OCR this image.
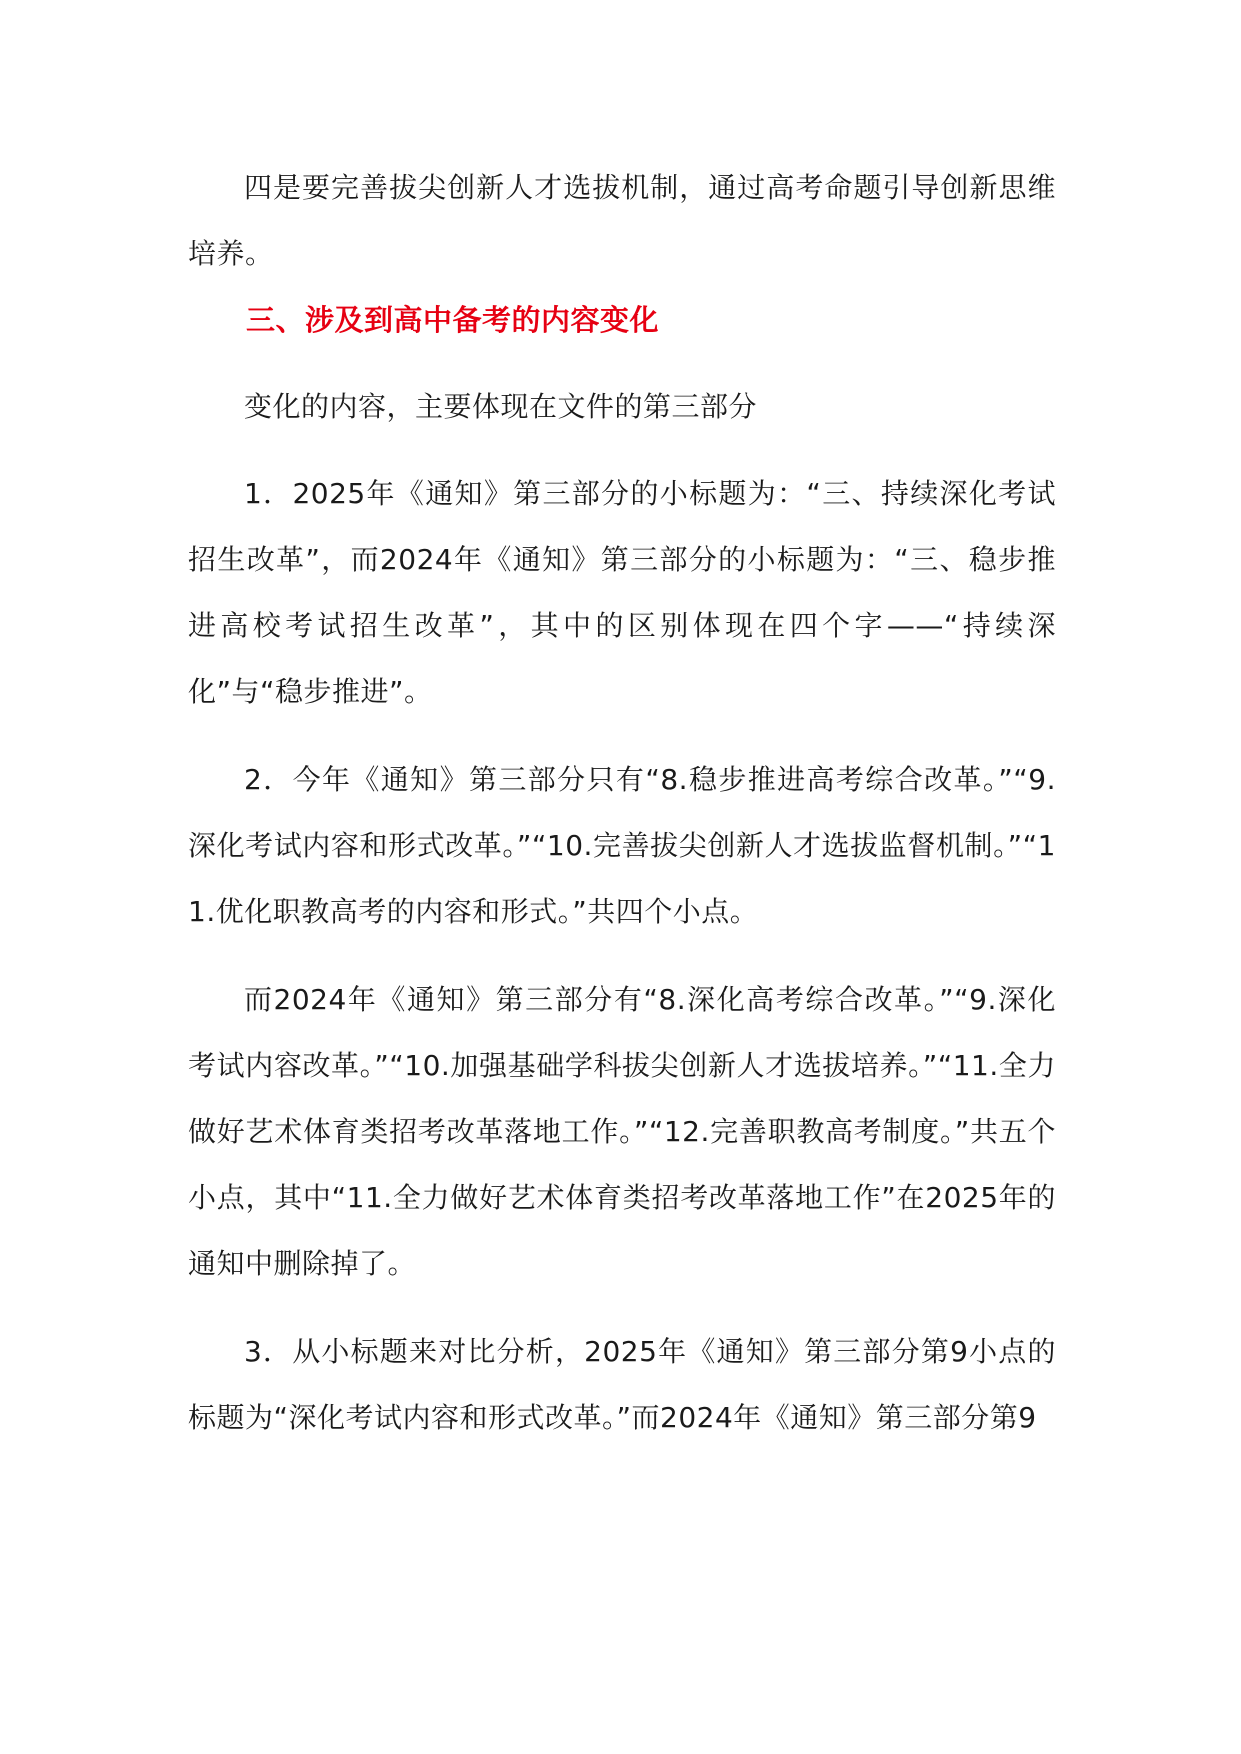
四是要完善拔尖创新人才选拔机制，通过高考命题引导创新思维培养。

三、涉及到高中备考的内容变化

变化的内容，主要体现在文件的第三部分

1．2025年《通知》第三部分的小标题为：“三、持续深化考试招生改革”，而2024年《通知》第三部分的小标题为：“三、稳步推进高校考试招生改革”，其中的区别体现在四个字——“持续深化”与“稳步推进”。

2．今年《通知》第三部分只有“8.稳步推进高考综合改革。”“9.深化考试内容和形式改革。”“10.完善拔尖创新人才选拔监督机制。”“11.优化职教高考的内容和形式。”共四个小点。

而2024年《通知》第三部分有“8.深化高考综合改革。”“9.深化考试内容改革。”“10.加强基础学科拔尖创新人才选拔培养。”“11.全力做好艺术体育类招考改革落地工作。”“12.完善职教高考制度。”共五个小点，其中“11.全力做好艺术体育类招考改革落地工作”在2025年的通知中删除掉了。

3．从小标题来对比分析，2025年《通知》第三部分第9小点的标题为“深化考试内容和形式改革。”而2024年《通知》第三部分第9
